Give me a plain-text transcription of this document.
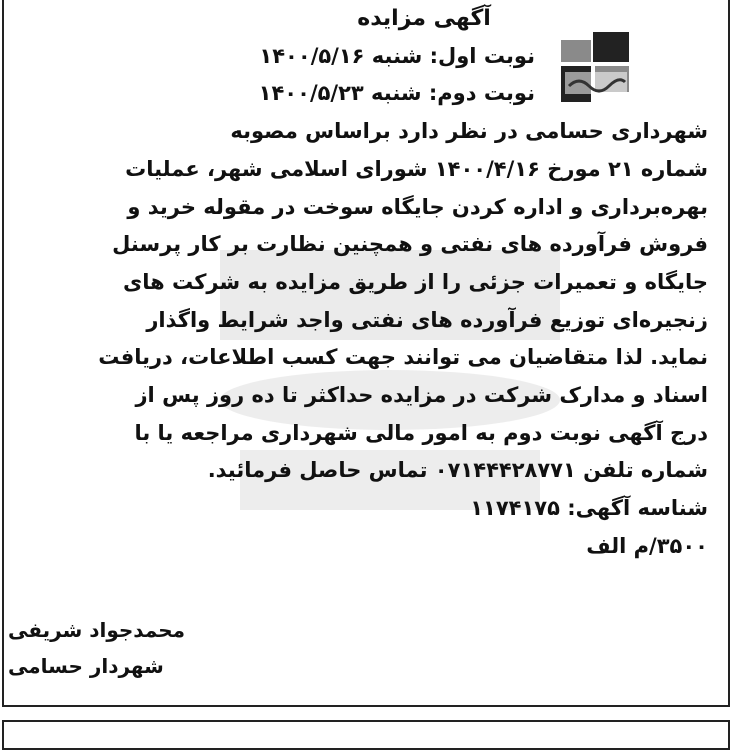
آگهی مزایده
نوبت اول: شنبه ۱۴۰۰/۵/۱۶
نوبت دوم: شنبه ۱۴۰۰/۵/۲۳
شهرداری حسامی در نظر دارد براساس مصوبه
شماره ۲۱ مورخ ۱۴۰۰/۴/۱۶ شورای اسلامی شهر، عملیات
بهره‌برداری و اداره کردن جایگاه سوخت در مقوله خرید و
فروش فرآورده های نفتی و همچنین نظارت بر کار پرسنل
جایگاه و تعمیرات جزئی را از طریق مزایده به شرکت های
زنجیره‌ای توزیع فرآورده های نفتی واجد شرایط واگذار
نماید. لذا متقاضیان می توانند جهت کسب اطلاعات، دریافت
اسناد و مدارک شرکت در مزایده حداکثر تا ده روز پس از
درج آگهی نوبت دوم به امور مالی شهرداری مراجعه یا با
شماره تلفن ۰۷۱۴۴۴۲۸۷۷۱ تماس حاصل فرمائید.
شناسه آگهی: ۱۱۷۴۱۷۵
۳۵۰۰/م الف
محمدجواد شریفی
شهردار حسامی
